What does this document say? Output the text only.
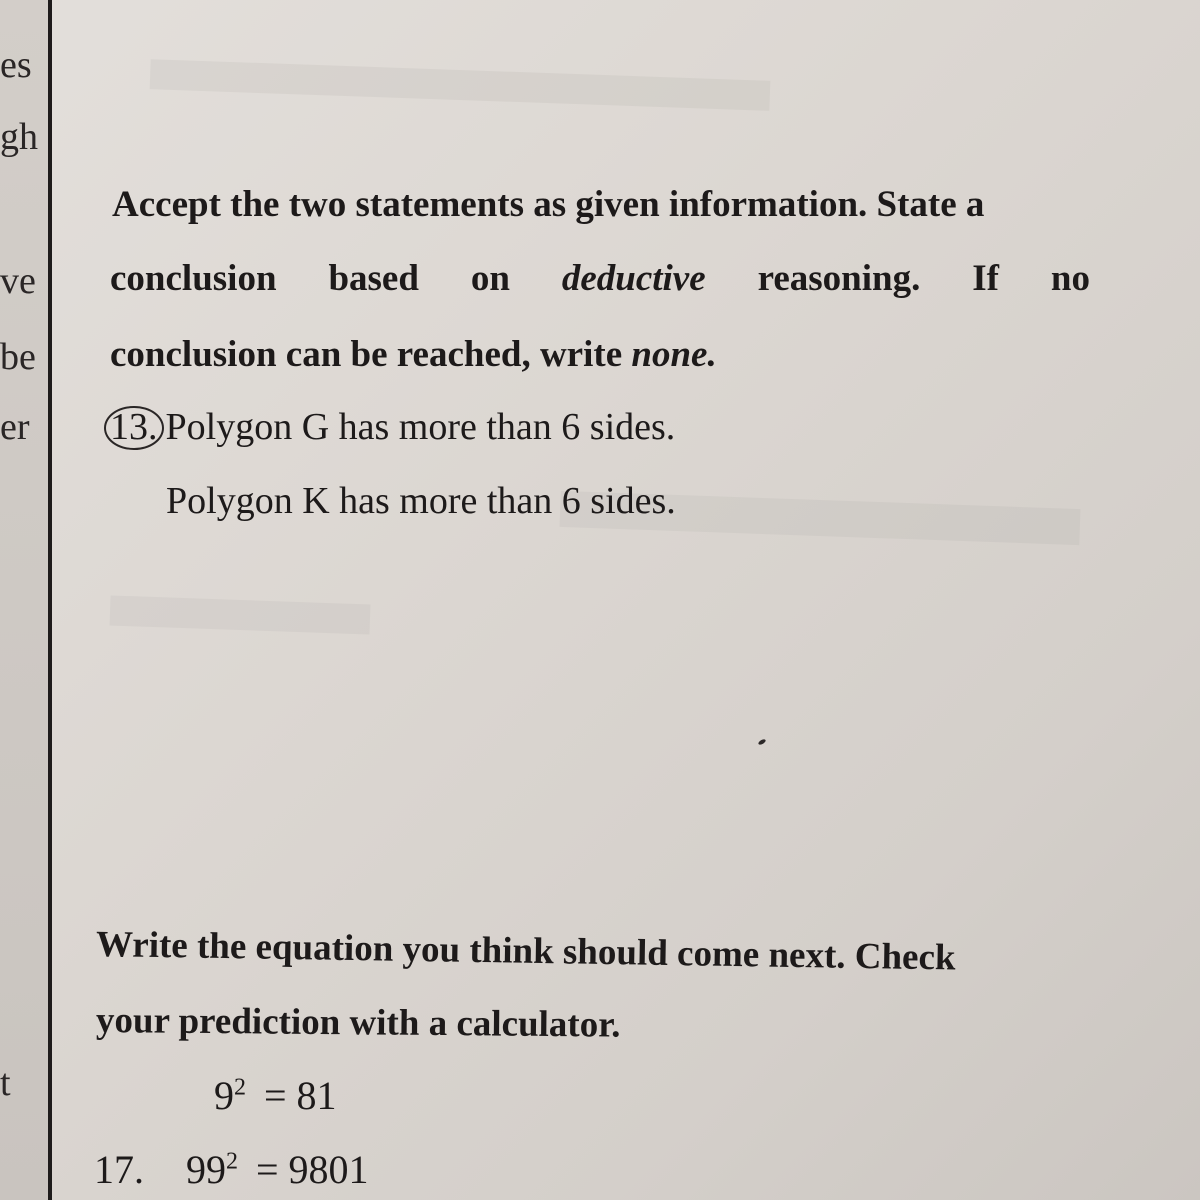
es
gh
ve
be
er
t
Accept the two statements as given information. State a
conclusion based on deductive reasoning. If no
conclusion can be reached, write none.
13. Polygon G has more than 6 sides.
Polygon K has more than 6 sides.
Write the equation you think should come next. Check
your prediction with a calculator.
$9^2 = 81$
17. $99^2 = 9801$
